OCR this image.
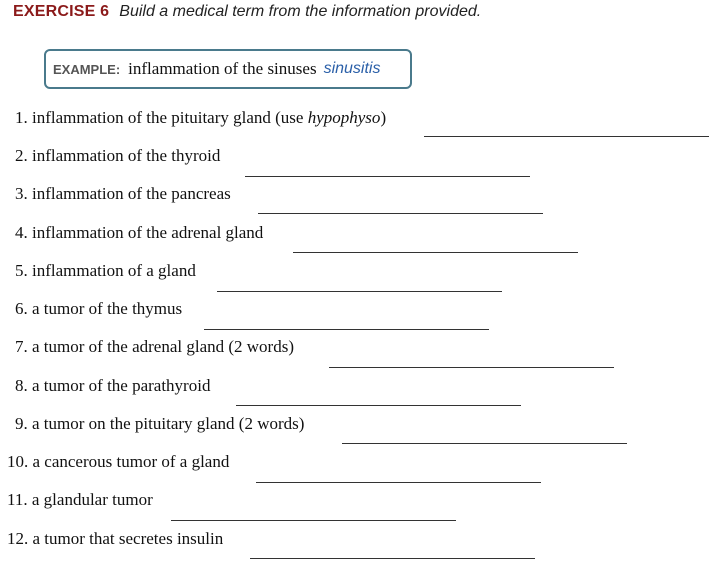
EXERCISE 6 Build a medical term from the information provided.
EXAMPLE: inflammation of the sinuses sinusitis
1. inflammation of the pituitary gland (use hypophyso)
2. inflammation of the thyroid
3. inflammation of the pancreas
4. inflammation of the adrenal gland
5. inflammation of a gland
6. a tumor of the thymus
7. a tumor of the adrenal gland (2 words)
8. a tumor of the parathyroid
9. a tumor on the pituitary gland (2 words)
10. a cancerous tumor of a gland
11. a glandular tumor
12. a tumor that secretes insulin
